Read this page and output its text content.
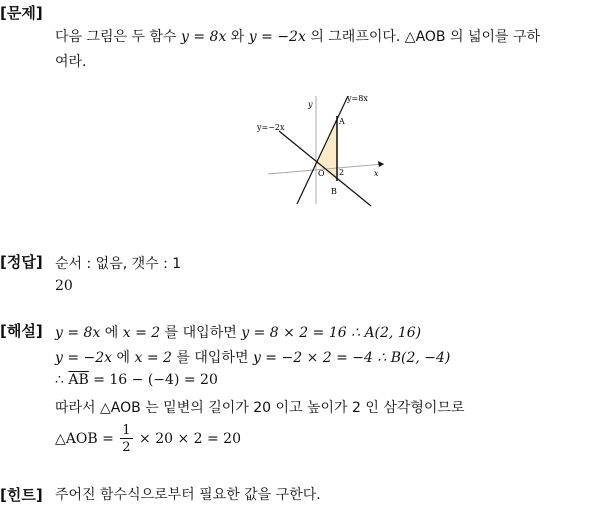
[문제]
다음 그림은 두 함수 y = 8x 와 y = −2x 의 그래프이다. △AOB 의 넓이를 구하
여라.
y=8x
y=−2x
y
A
O 2
B
x
[정답] 순서 : 없음, 갯수 : 1
20
[해설] y = 8x 에 x = 2 를 대입하면 y = 8 × 2 = 16 ∴ A(2, 16)
y = −2x 에 x = 2 를 대입하면 y = −2 × 2 = −4 ∴ B(2, −4)
∴ $\overline{AB} = 16 - (-4) = 20$
따라서 △AOB 는 밑변의 길이가 20 이고 높이가 2 인 삼각형이므로
△AOB = $\frac{1}{2} \times 20 \times 2 = 20$
[힌트] 주어진 함수식으로부터 필요한 값을 구한다.
